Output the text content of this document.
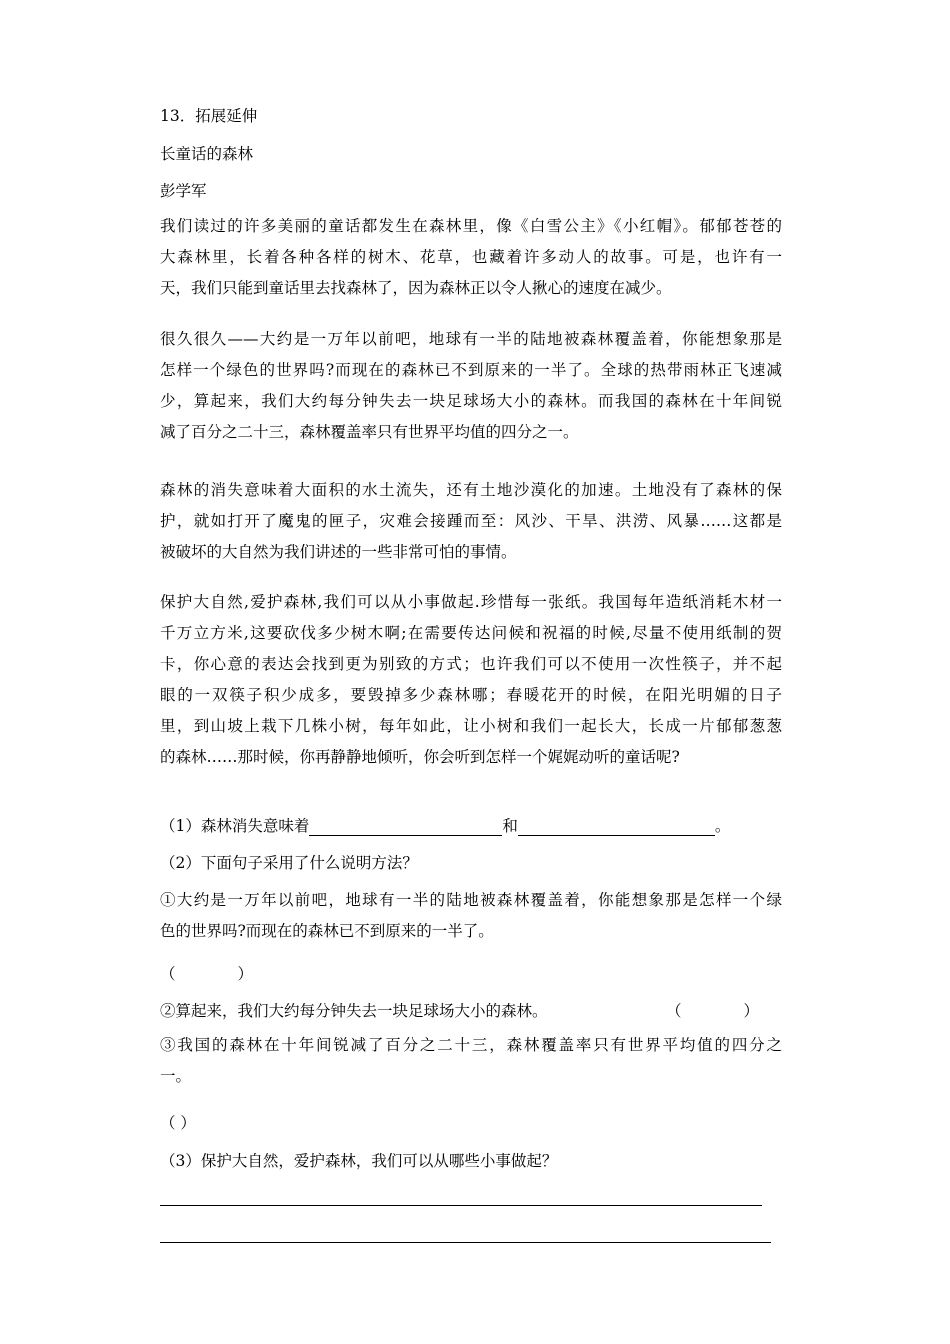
13．拓展延伸
长童话的森林
彭学军
我们读过的许多美丽的童话都发生在森林里，像《白雪公主》《小红帽》。郁郁苍苍的
大森林里，长着各种各样的树木、花草，也藏着许多动人的故事。可是，也许有一
天，我们只能到童话里去找森林了，因为森林正以令人揪心的速度在减少。
很久很久——大约是一万年以前吧，地球有一半的陆地被森林覆盖着，你能想象那是
怎样一个绿色的世界吗?而现在的森林已不到原来的一半了。全球的热带雨林正飞速减
少，算起来，我们大约每分钟失去一块足球场大小的森林。而我国的森林在十年间锐
减了百分之二十三，森林覆盖率只有世界平均值的四分之一。
森林的消失意味着大面积的水土流失，还有土地沙漠化的加速。土地没有了森林的保
护，就如打开了魔鬼的匣子，灾难会接踵而至：风沙、干旱、洪涝、风暴……这都是
被破坏的大自然为我们讲述的一些非常可怕的事情。
保护大自然,爱护森林,我们可以从小事做起.珍惜每一张纸。我国每年造纸消耗木材一
千万立方米,这要砍伐多少树木啊;在需要传达问候和祝福的时候,尽量不使用纸制的贺
卡，你心意的表达会找到更为别致的方式；也许我们可以不使用一次性筷子，并不起
眼的一双筷子积少成多，要毁掉多少森林哪；春暖花开的时候，在阳光明媚的日子
里，到山坡上栽下几株小树，每年如此，让小树和我们一起长大，长成一片郁郁葱葱
的森林……那时候，你再静静地倾听，你会听到怎样一个娓娓动听的童话呢?
（1）森林消失意味着	和	。
（2）下面句子采用了什么说明方法？
①大约是一万年以前吧，地球有一半的陆地被森林覆盖着，你能想象那是怎样一个绿
色的世界吗?而现在的森林已不到原来的一半了。
（　　　　）
②算起来，我们大约每分钟失去一块足球场大小的森林。	（　　　　）
③我国的森林在十年间锐减了百分之二十三，森林覆盖率只有世界平均值的四分之
一。
（ ）
（3）保护大自然，爱护森林，我们可以从哪些小事做起？
